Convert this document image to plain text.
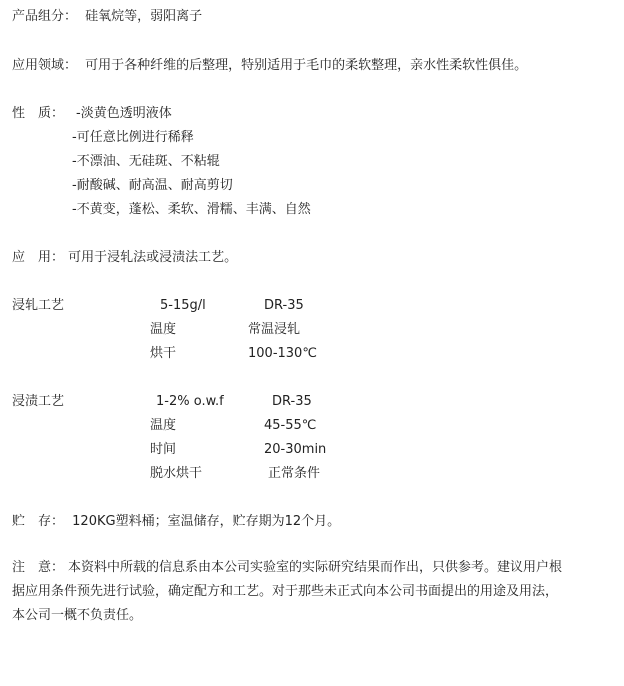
产品组分： 硅氧烷等，弱阳离子
应用领域： 可用于各种纤维的后整理，特别适用于毛巾的柔软整理，亲水性柔软性俱佳。
性　质： -淡黄色透明液体
-可任意比例进行稀释
-不漂油、无硅斑、不粘辊
-耐酸碱、耐高温、耐高剪切
-不黄变，蓬松、柔软、滑糯、丰满、自然
应　用： 可用于浸轧法或浸渍法工艺。
浸轧工艺	5-15g/l	DR-35
温度	常温浸轧
烘干	100-130℃
浸渍工艺	1-2% o.w.f	DR-35
温度	45-55℃
时间	20-30min
脱水烘干	正常条件
贮　存： 120KG塑料桶；室温储存，贮存期为12个月。
注　意： 本资料中所载的信息系由本公司实验室的实际研究结果而作出，只供参考。建议用户根
据应用条件预先进行试验，确定配方和工艺。对于那些未正式向本公司书面提出的用途及用法，
本公司一概不负责任。
